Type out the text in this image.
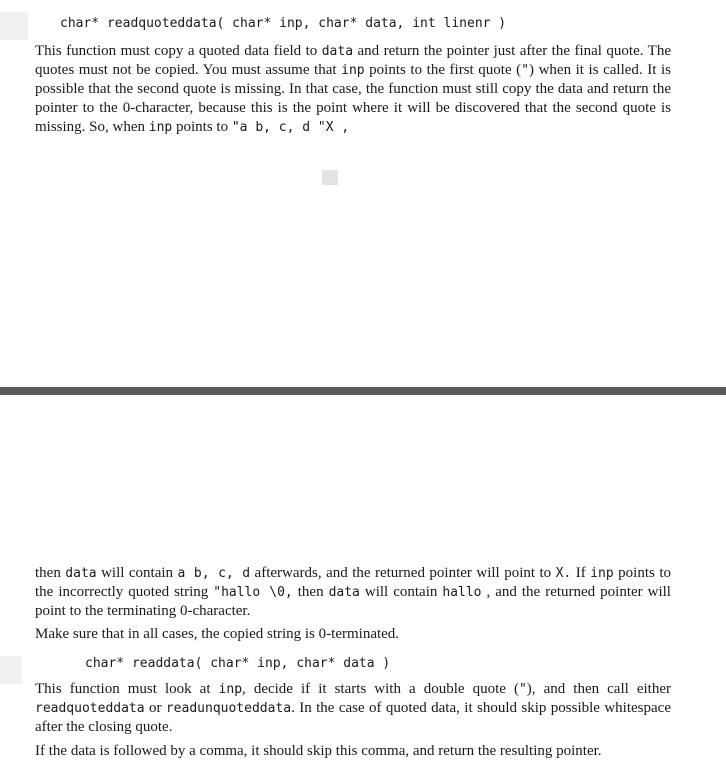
char* readquoteddata( char* inp, char* data, int linenr )

This function must copy a quoted data field to data and return the pointer just after the final quote. The quotes must not be copied. You must assume that inp points to the first quote (") when it is called. It is possible that the second quote is missing. In that case, the function must still copy the data and return the pointer to the 0-character, because this is the point where it will be discovered that the second quote is missing. So, when inp points to "a b, c, d "X ,

then data will contain a b, c, d afterwards, and the returned pointer will point to X. If inp points to the incorrectly quoted string "hallo \0, then data will contain hallo , and the returned pointer will point to the terminating 0-character.

Make sure that in all cases, the copied string is 0-terminated.

char* readdata( char* inp, char* data )

This function must look at inp, decide if it starts with a double quote ("), and then call either readquoteddata or readunquoteddata. In the case of quoted data, it should skip possible whitespace after the closing quote.

If the data is followed by a comma, it should skip this comma, and return the resulting pointer.
